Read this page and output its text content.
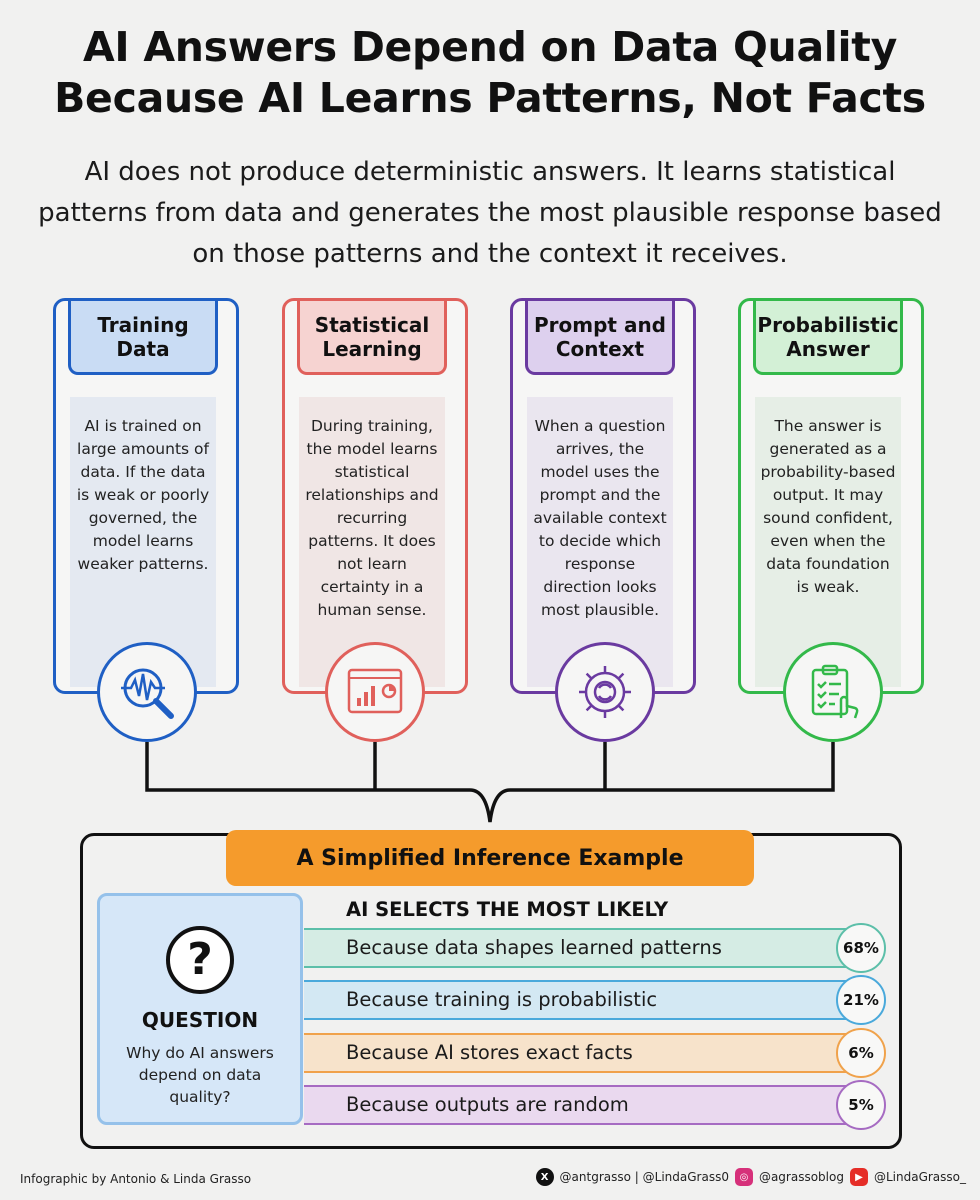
AI Answers Depend on Data Quality
Because AI Learns Patterns, Not Facts
AI does not produce deterministic answers. It learns statistical patterns from data and generates the most plausible response based on those patterns and the context it receives.
Training Data
AI is trained on large amounts of data. If the data is weak or poorly governed, the model learns weaker patterns.
Statistical Learning
During training, the model learns statistical relationships and recurring patterns. It does not learn certainty in a human sense.
Prompt and Context
When a question arrives, the model uses the prompt and the available context to decide which response direction looks most plausible.
Probabilistic Answer
The answer is generated as a probability-based output. It may sound confident, even when the data foundation is weak.
A Simplified Inference Example
?
QUESTION
Why do AI answers depend on data quality?
AI SELECTS THE MOST LIKELY
Because data shapes learned patterns	68%
Because training is probabilistic	21%
Because AI stores exact facts	6%
Because outputs are random	5%
Infographic by Antonio & Linda Grasso	X @antgrasso | @LindaGrass0	◎ @agrassoblog	▶ @LindaGrasso_
